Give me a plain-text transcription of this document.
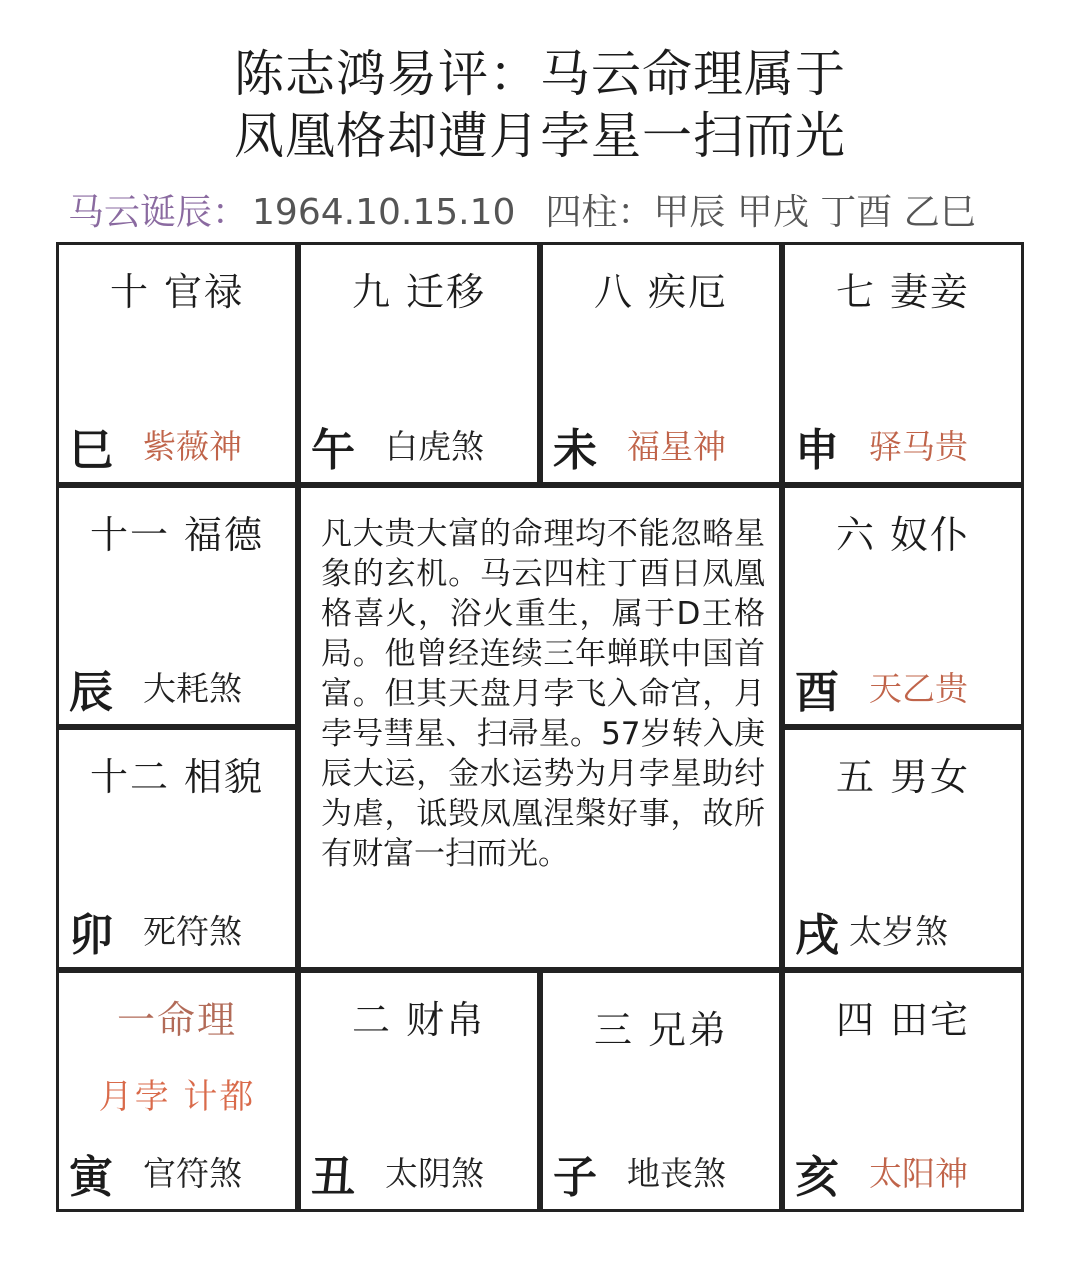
陈志鸿易评：马云命理属于
凤凰格却遭月孛星一扫而光
马云诞辰： 1964.10.15.10 四柱：甲辰 甲戌 丁酉 乙巳
十 官禄
巳 紫薇神
九 迁移
午 白虎煞
八 疾厄
未 福星神
七 妻妾
申 驿马贵
十一 福德
辰 大耗煞
六 奴仆
酉 天乙贵
十二 相貌
卯 死符煞
五 男女
戌 太岁煞
凡大贵大富的命理均不能忽略星象的玄机。马云四柱丁酉日凤凰格喜火，浴火重生，属于D王格局。他曾经连续三年蝉联中国首富。但其天盘月孛飞入命宫，月孛号彗星、扫帚星。57岁转入庚辰大运，金水运势为月孛星助纣为虐，诋毁凤凰涅槃好事，故所有财富一扫而光。
一命理
月孛 计都
寅 官符煞
二 财帛
丑 太阴煞
三 兄弟
子 地丧煞
四 田宅
亥 太阳神
